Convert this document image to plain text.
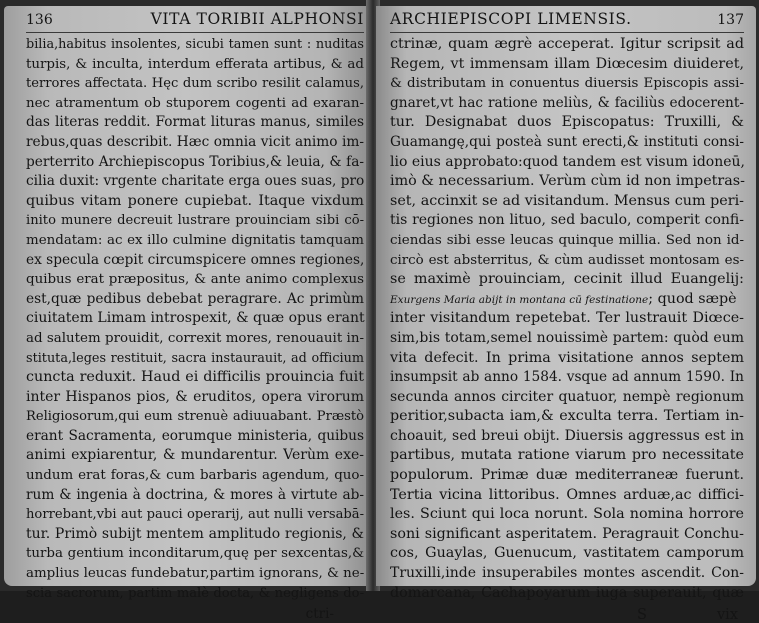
136	VITA TORIBII ALPHONSI
bilia,habitus insolentes, sicubi tamen sunt : nuditas
turpis, & inculta, interdum efferata artibus, & ad
terrores affectata. Hęc dum scribo resilit calamus,
nec atramentum ob stuporem cogenti ad exaran-
das literas reddit. Format lituras manus, similes
rebus,quas describit. Hæc omnia vicit animo im-
perterrito Archiepiscopus Toribius,& leuia, & fa-
cilia duxit: vrgente charitate erga oues suas, pro
quibus vitam ponere cupiebat. Itaque vixdum
inito munere decreuit lustrare prouinciam sibi cō-
mendatam: ac ex illo culmine dignitatis tamquam
ex specula cœpit circumspicere omnes regiones,
quibus erat præpositus, & ante animo complexus
est,quæ pedibus debebat peragrare. Ac primùm
ciuitatem Limam introspexit, & quæ opus erant
ad salutem prouidit, correxit mores, renouauit in-
stituta,leges restituit, sacra instaurauit, ad officium
cuncta reduxit. Haud ei difficilis prouincia fuit
inter Hispanos pios, & eruditos, opera virorum
Religiosorum,qui eum strenuè adiuuabant. Præstò
erant Sacramenta, eorumque ministeria, quibus
animi expiarentur, & mundarentur. Verùm exe-
undum erat foras,& cum barbaris agendum, quo-
rum & ingenia à doctrina, & mores à virtute ab-
horrebant,vbi aut pauci operarij, aut nulli versabā-
tur. Primò subijt mentem amplitudo regionis, &
turba gentium inconditarum,quę per sexcentas,&
amplius leucas fundebatur,partim ignorans, & ne-
scia sacrorum, partim malè docta, & negligens do-
ctri-
ARCHIEPISCOPI LIMENSIS.	137
ctrinæ, quam ægrè acceperat. Igitur scripsit ad
Regem, vt immensam illam Diœcesim diuideret,
& distributam in conuentus diuersis Episcopis assi-
gnaret,vt hac ratione meliùs, & faciliùs edocerent-
tur. Designabat duos Episcopatus: Truxilli, &
Guamangę,qui posteà sunt erecti,& instituti consi-
lio eius approbato:quod tandem est visum idoneū,
imò & necessarium. Verùm cùm id non impetras-
set, accinxit se ad visitandum. Mensus cum peri-
tis regiones non lituo, sed baculo, comperit confi-
ciendas sibi esse leucas quinque millia. Sed non id-
circò est absterritus, & cùm audisset montosam es-
se maximè prouinciam, cecinit illud Euangelij:
Exurgens Maria abijt in montana cū festinatione; quod sæpè
inter visitandum repetebat. Ter lustrauit Diœce-
sim,bis totam,semel nouissimè partem: quòd eum
vita defecit. In prima visitatione annos septem
insumpsit ab anno 1584. vsque ad annum 1590. In
secunda annos circiter quatuor, nempè regionum
peritior,subacta iam,& exculta terra. Tertiam in-
choauit, sed breui obijt. Diuersis aggressus est in
partibus, mutata ratione viarum pro necessitate
populorum. Primæ duæ mediterraneæ fuerunt.
Tertia vicina littoribus. Omnes arduæ,ac diffici-
les. Sciunt qui loca norunt. Sola nomina horrore
soni significant asperitatem. Peragrauit Conchu-
cos, Guaylas, Guenucum, vastitatem camporum
Truxilli,inde insuperabiles montes ascendit. Con-
domarcana, Cachapoyarum iuga superauit, quæ
S	vix
